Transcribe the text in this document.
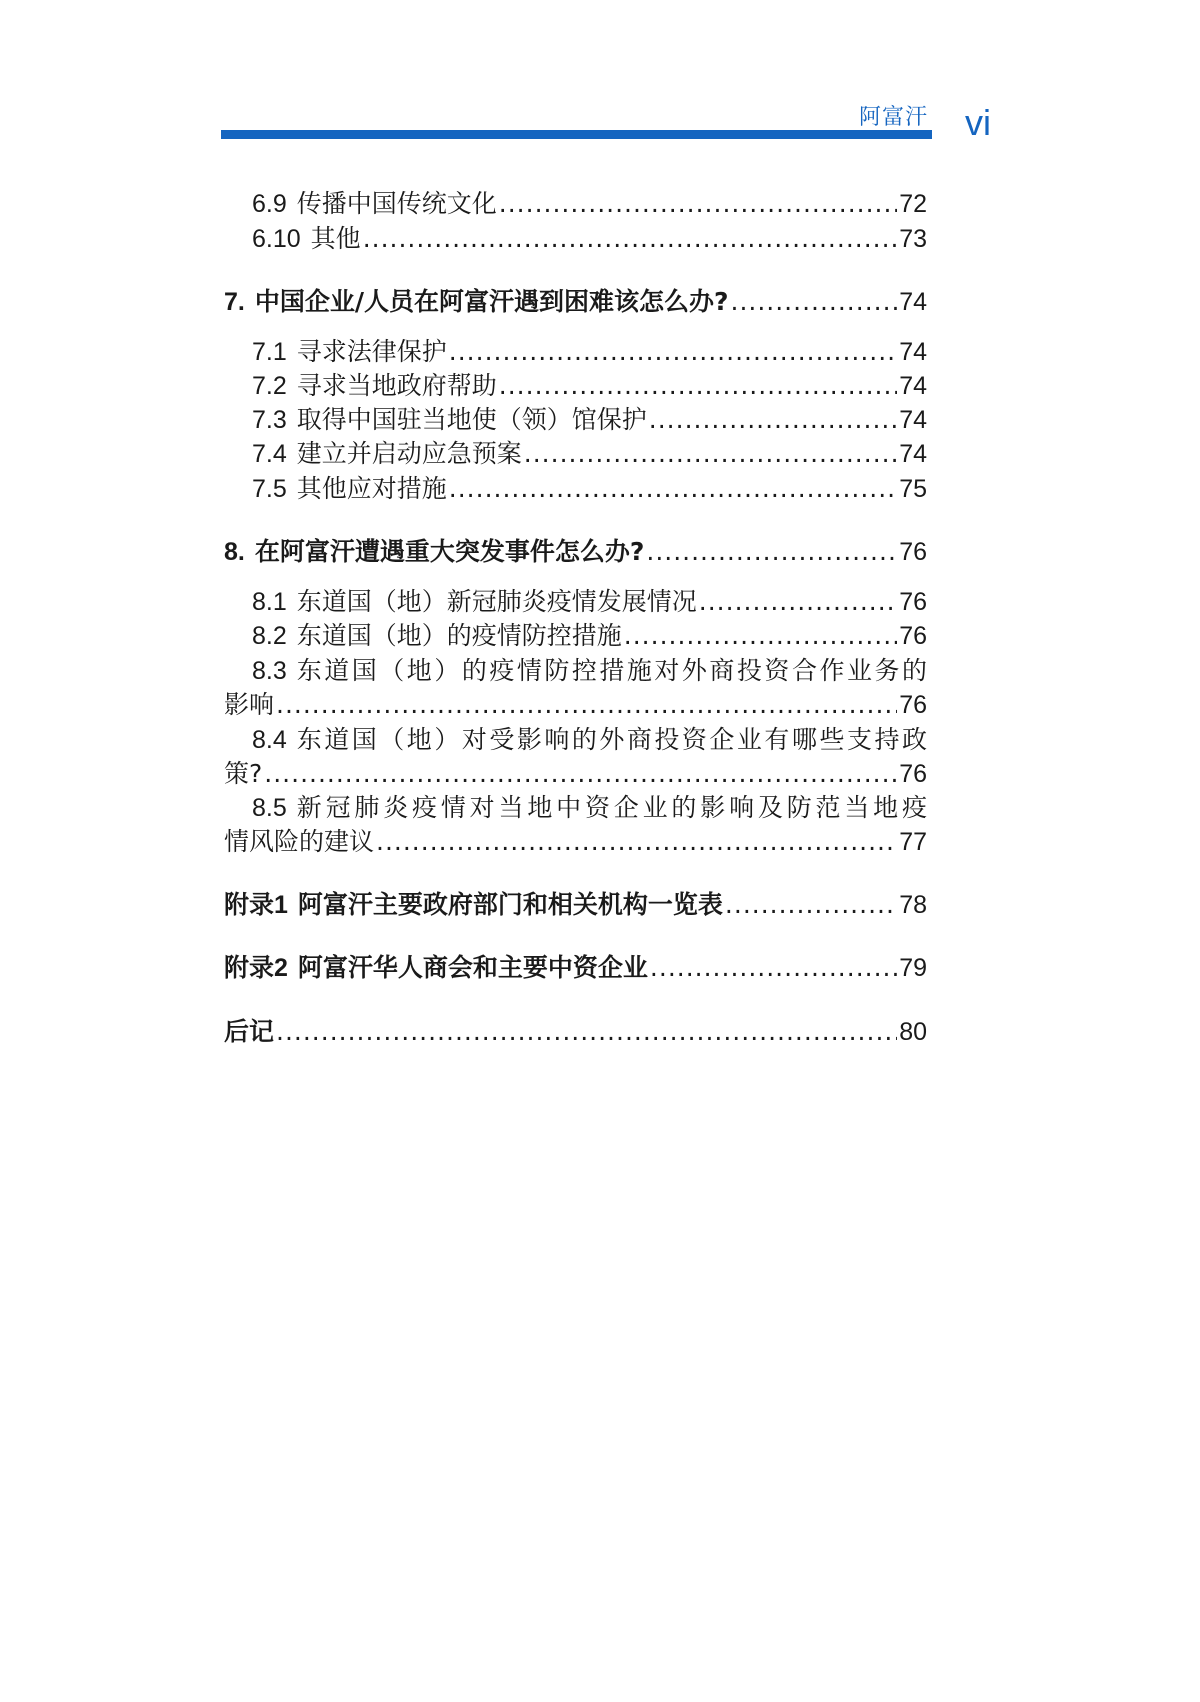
阿富汗 vi
6.9 传播中国传统文化 .....	72
6.10 其他 .....	73
7. 中国企业/人员在阿富汗遇到困难该怎么办? .....	74
7.1 寻求法律保护 .....	74
7.2 寻求当地政府帮助 .....	74
7.3 取得中国驻当地使（领）馆保护 .....	74
7.4 建立并启动应急预案 .....	74
7.5 其他应对措施 .....	75
8. 在阿富汗遭遇重大突发事件怎么办? .....	76
8.1 东道国（地）新冠肺炎疫情发展情况 .....	76
8.2 东道国（地）的疫情防控措施 .....	76
8.3 东道国（地）的疫情防控措施对外商投资合作业务的
影响 .....	76
8.4 东道国（地）对受影响的外商投资企业有哪些支持政
策? .....	76
8.5 新冠肺炎疫情对当地中资企业的影响及防范当地疫
情风险的建议 .....	77
附录1 阿富汗主要政府部门和相关机构一览表 .....	78
附录2 阿富汗华人商会和主要中资企业 .....	79
后记 .....	80
